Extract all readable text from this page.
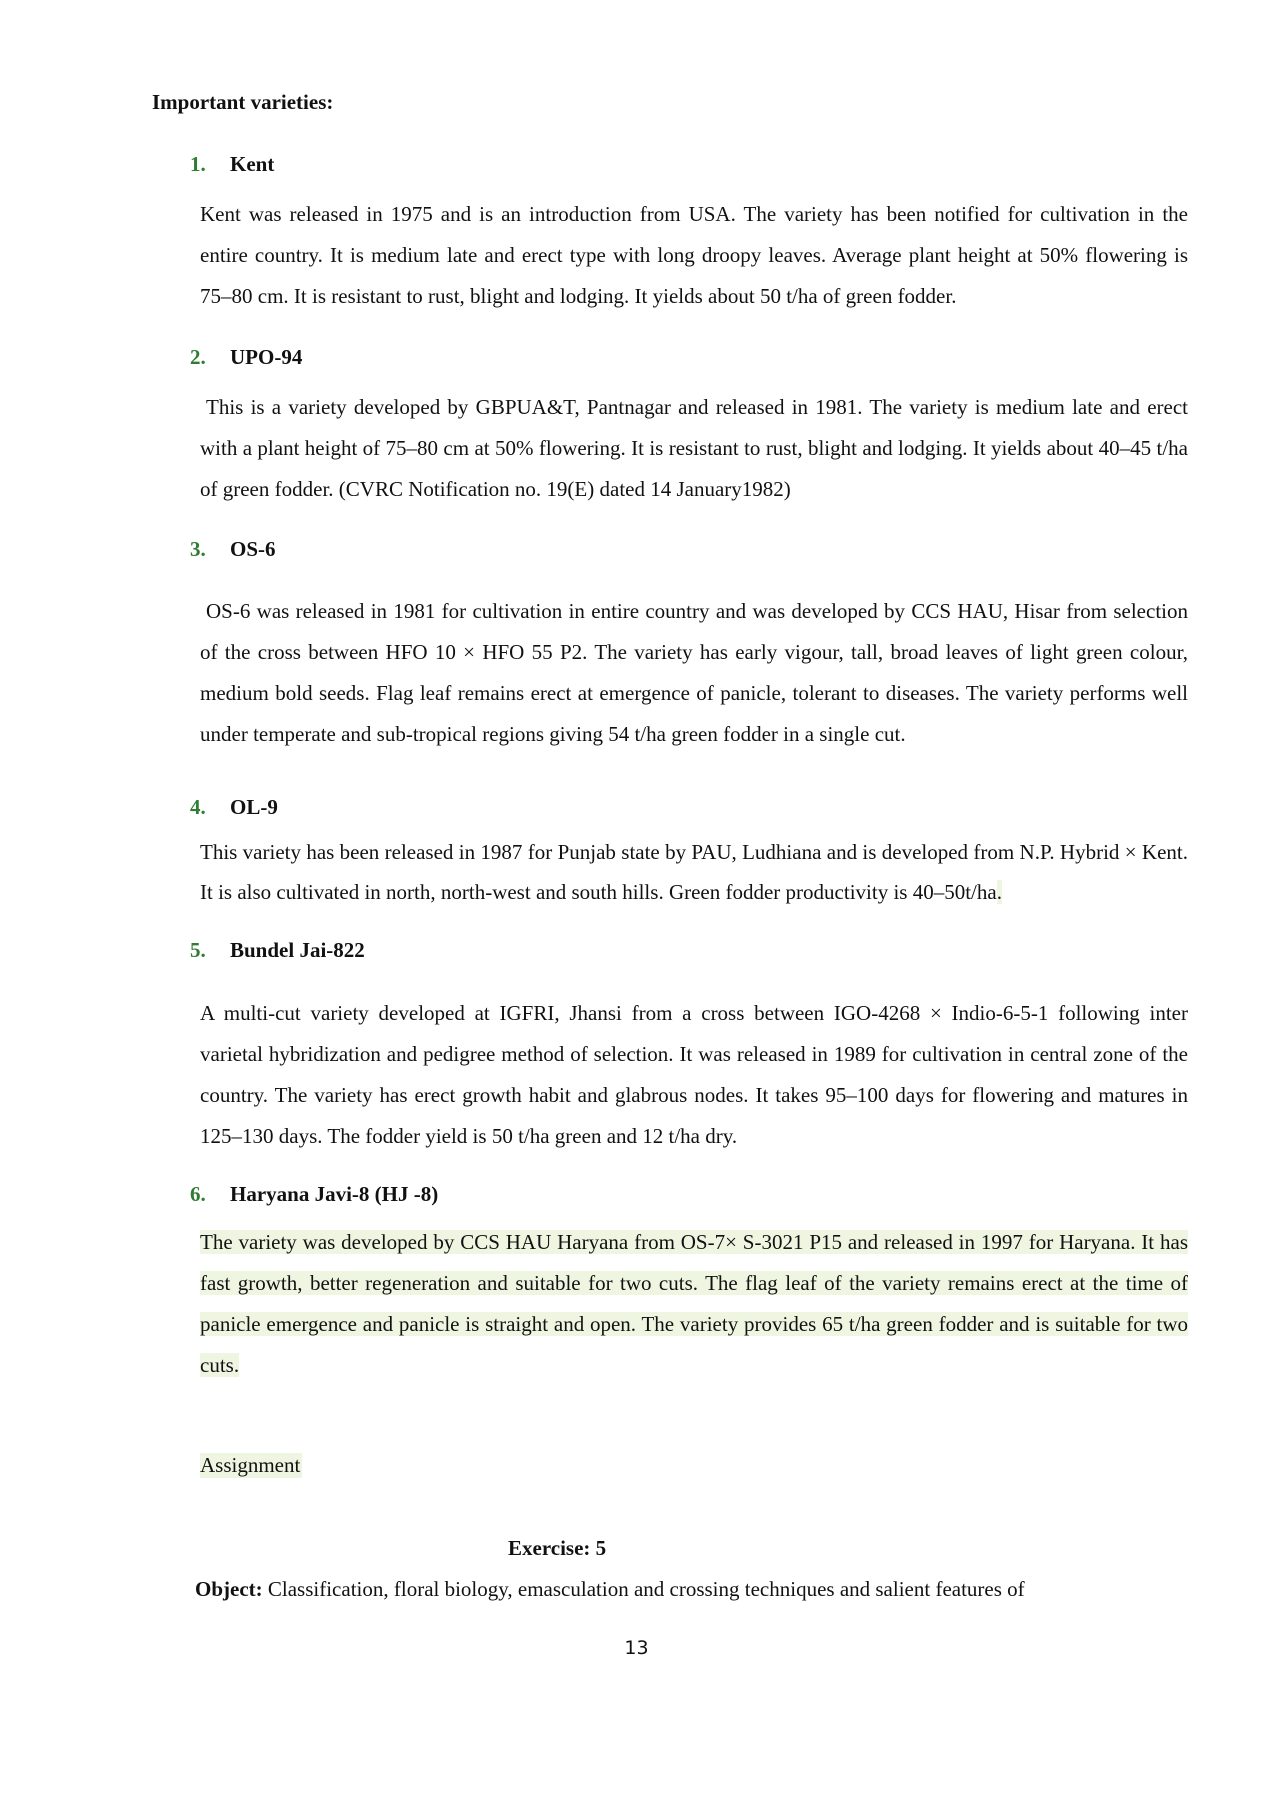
Important varieties:
1. Kent
Kent was released in 1975 and is an introduction from USA. The variety has been notified for cultivation in the entire country. It is medium late and erect type with long droopy leaves. Average plant height at 50% flowering is 75–80 cm. It is resistant to rust, blight and lodging. It yields about 50 t/ha of green fodder.
2. UPO-94
This is a variety developed by GBPUA&T, Pantnagar and released in 1981. The variety is medium late and erect with a plant height of 75–80 cm at 50% flowering. It is resistant to rust, blight and lodging. It yields about 40–45 t/ha of green fodder. (CVRC Notification no. 19(E) dated 14 January1982)
3. OS-6
OS-6 was released in 1981 for cultivation in entire country and was developed by CCS HAU, Hisar from selection of the cross between HFO 10 × HFO 55 P2. The variety has early vigour, tall, broad leaves of light green colour, medium bold seeds. Flag leaf remains erect at emergence of panicle, tolerant to diseases. The variety performs well under temperate and sub-tropical regions giving 54 t/ha green fodder in a single cut.
4. OL-9
This variety has been released in 1987 for Punjab state by PAU, Ludhiana and is developed from N.P. Hybrid × Kent. It is also cultivated in north, north-west and south hills. Green fodder productivity is 40–50t/ha.
5. Bundel Jai-822
A multi-cut variety developed at IGFRI, Jhansi from a cross between IGO-4268 × Indio-6-5-1 following inter varietal hybridization and pedigree method of selection. It was released in 1989 for cultivation in central zone of the country. The variety has erect growth habit and glabrous nodes. It takes 95–100 days for flowering and matures in 125–130 days. The fodder yield is 50 t/ha green and 12 t/ha dry.
6. Haryana Javi-8 (HJ -8)
The variety was developed by CCS HAU Haryana from OS-7× S-3021 P15 and released in 1997 for Haryana. It has fast growth, better regeneration and suitable for two cuts. The flag leaf of the variety remains erect at the time of panicle emergence and panicle is straight and open. The variety provides 65 t/ha green fodder and is suitable for two cuts.
Assignment
Exercise: 5
Object: Classification, floral biology, emasculation and crossing techniques and salient features of
13
